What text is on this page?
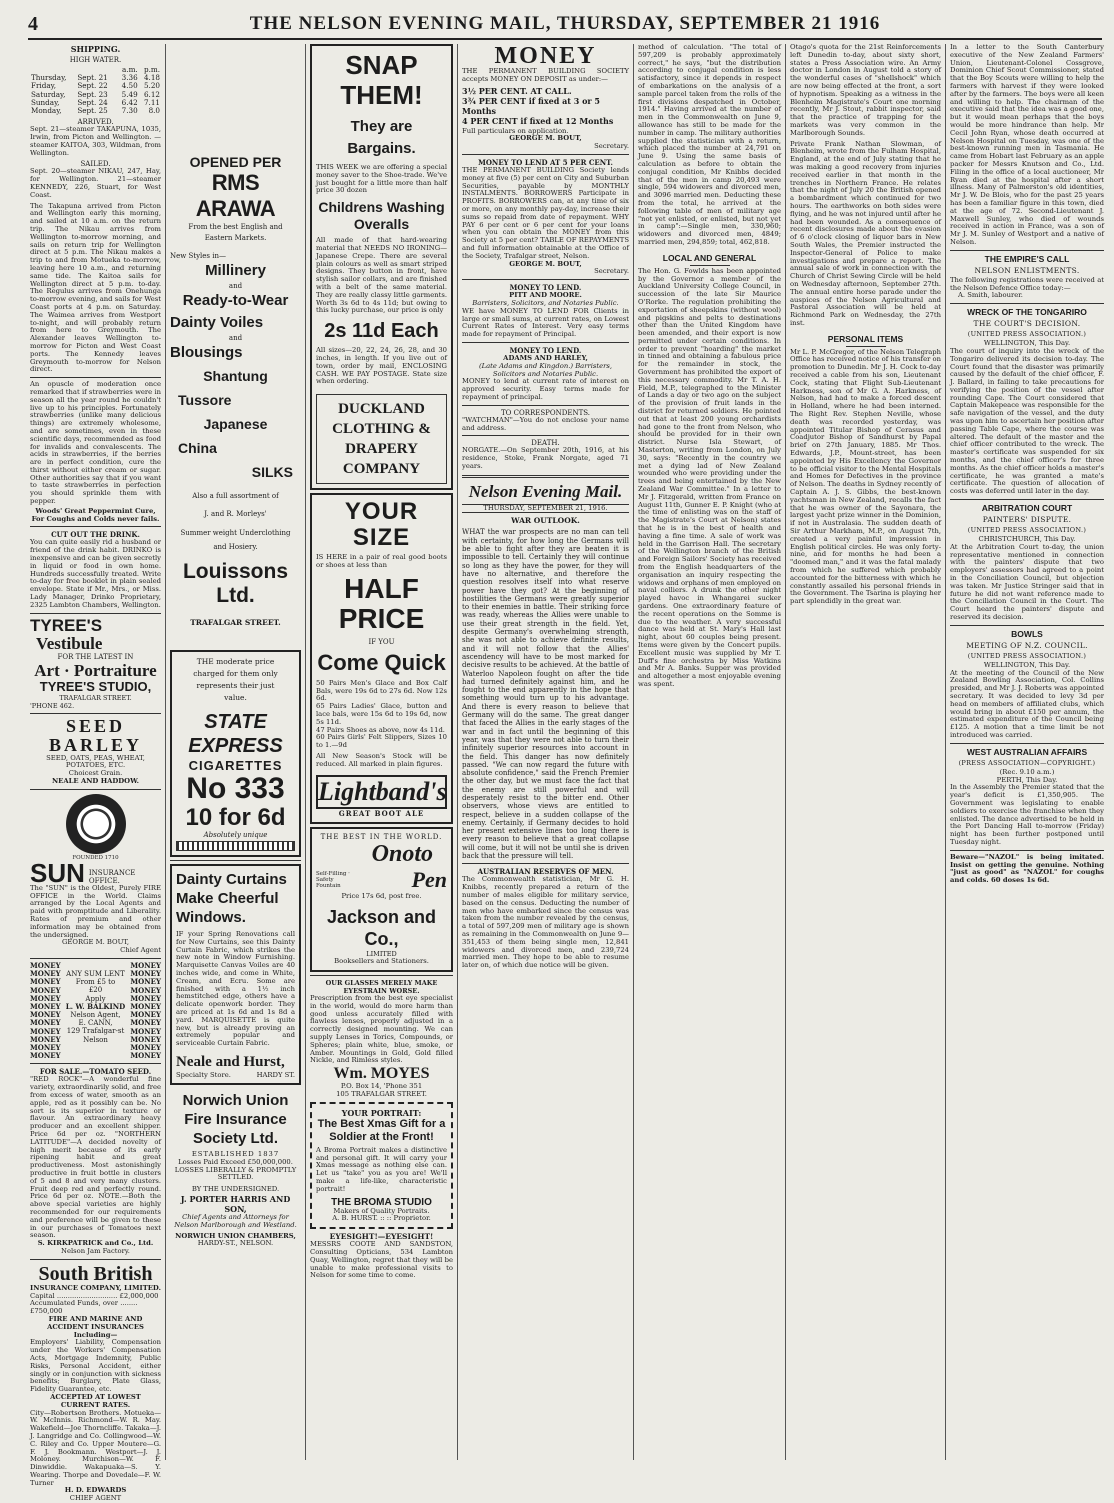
4	THE NELSON EVENING MAIL, THURSDAY, SEPTEMBER 21 1916
SHIPPING.
HIGH WATER.
		a.m.	p.m.
Thursday,	Sept. 21	3.36	4.18
Friday,	Sept. 22	4.50	5.20
Saturday,	Sept. 23	5.49	6.12
Sunday,	Sept. 24	6.42	7.11
Monday,	Sept. 25	7.30	8.0
ARRIVED.
Sept. 21—steamer TAKAPUNA, 1035, Irwin, from Picton and Wellington. —steamer KAITOA, 303, Wildman, from Wellington.
SAILED.
Sept. 20—steamer NIKAU, 247, Hay, for Wellington. 21—steamer KENNEDY, 226, Stuart, for West Coast.
The Takapuna arrived from Picton and Wellington early this morning, and sailed at 10 a.m. on the return trip. The Nikau arrives from Wellington to-morrow morning, and sails on return trip for Wellington direct at 5 p.m. The Nikau makes a trip to and from Motueka to-morrow, leaving here 10 a.m., and returning same tide. The Kaitoa sails for Wellington direct at 5 p.m. to-day. The Regulus arrives from Onehunga to-morrow evening, and sails for West Coast ports at 4 p.m. on Saturday. The Waimea arrives from Westport to-night, and will probably return from here to Greymouth. The Alexander leaves Wellington to-morrow for Picton and West Coast ports. The Kennedy leaves Greymouth to-morrow for Nelson direct.
An opuscle of moderation once remarked that if strawberries were in season all the year round he couldn't live up to his principles. Fortunately strawberries (unlike many delicious things) are extremely wholesome, and are sometimes, even in these scientific days, recommended as food for invalids and convalescents. The acids in strawberries, if the berries are in perfect condition, cure the thirst without either cream or sugar. Other authorities say that if you want to taste strawberries in perfection you should sprinkle them with pepper.
Woods' Great Peppermint Cure, For Coughs and Colds never fails.
CUT OUT THE DRINK.
You can quite easily rid a husband or friend of the drink habit. DRINKO is inexpensive and can be given secretly in liquid or food in own home. Hundreds successfully treated. Write to-day for free booklet in plain sealed envelope. State if Mr., Mrs., or Miss. Lady Manager, Drinko Proprietary, 2325 Lambton Chambers, Wellington.
TYREE'S
Vestibule
FOR THE LATEST IN
Art · Portraiture
TYREE'S STUDIO,
TRAFALGAR STREET.
'PHONE 462.
SEED
BARLEY
SEED, OATS, PEAS, WHEAT, POTATOES, ETC.
Choicest Grain.
NEALE AND HADDOW.
FOUNDED 1710
SUN INSURANCE OFFICE.
The "SUN" is the Oldest, Purely FIRE OFFICE in the World. Claims arranged by the Local Agents and paid with promptitude and Liberality. Rates of premium and other information may be obtained from the undersigned.
GEORGE M. BOUT,
Chief Agent
MONEY
MONEY
MONEY
MONEY
MONEY
MONEY
MONEY
MONEY
MONEY
MONEY
MONEY
MONEY
ANY SUM LENT
From £5 to
£20
Apply
L. W. BALKIND
Nelson Agent,
E. CANN,
129 Trafalgar-st
Nelson
MONEY
MONEY
MONEY
MONEY
MONEY
MONEY
MONEY
MONEY
MONEY
MONEY
MONEY
MONEY
FOR SALE.—TOMATO SEED.
"RED ROCK"—A wonderful fine variety, extraordinarily solid, and free from excess of water, smooth as an apple, red as it possibly can be. No sort is its superior in texture or flavour. An extraordinary heavy producer and an excellent shipper. Price 6d per oz. "NORTHERN LATITUDE"—A decided novelty of high merit because of its early ripening habit and great productiveness. Most astonishingly productive in fruit bottle in clusters of 5 and 8 and very many clusters. Fruit deep red and perfectly round. Price 6d per oz. NOTE.—Both the above special varieties are highly recommended for our requirements and preference will be given to these in our purchases of Tomatoes next season.
S. KIRKPATRICK and Co., Ltd.
Nelson Jam Factory.
South British
INSURANCE COMPANY, LIMITED.
Capital ............................ £2,000,000
Accumulated Funds, over ........ £750,000
FIRE AND MARINE AND ACCIDENT INSURANCES Including—
Employers' Liability, Compensation under the Workers' Compensation Acts, Mortgage Indemnity, Public Risks, Personal Accident, either singly or in conjunction with sickness benefits; Burglary, Plate Glass, Fidelity Guarantee, etc.
ACCEPTED AT LOWEST CURRENT RATES.
City—Robertson Brothers. Motueka—W. McInnis. Richmond—W. R. May. Wakefield—Joe Thorncliffe. Takaka—J. J. Langridge and Co. Collingwood—W. C. Riley and Co. Upper Moutere—G. F. J. Bookmann. Westport—J. J. Moloney. Murchison—W. F. Dinwiddie. Wakapuaka—S. Y. Wearing. Thorpe and Dovedale—F. W. Turner
H. D. EDWARDS
CHIEF AGENT
OPENED PER
RMS ARAWA
From the best English and Eastern Markets.
New Styles in—
Millinery
and
Ready-to-Wear
Dainty Voiles
and
Blousings
Shantung
Tussore
Japanese
China
SILKS
Also a full assortment of
J. and R. Morleys'
Summer weight Underclothing and Hosiery.
Louissons
Ltd.
TRAFALGAR STREET.
THE moderate price charged for them only represents their just value.
STATE EXPRESS
CIGARETTES
No 333
10 for 6d
Absolutely unique
Dainty Curtains Make Cheerful Windows.
IF your Spring Renovations call for New Curtains, see this Dainty Curtain Fabric, which strikes the new note in Window Furnishing. Marquisette Canvas Voiles are 40 inches wide, and come in White, Cream, and Ecru. Some are finished with a 1½ inch hemstitched edge, others have a delicate openwork border. They are priced at 1s 6d and 1s 8d a yard. MARQUISETTE is quite new, but is already proving an extremely popular and serviceable Curtain Fabric.
Neale and Hurst,
Specialty Store.	HARDY ST.
Norwich Union Fire Insurance Society Ltd.
ESTABLISHED 1837
Losses Paid Exceed £50,000,000.
LOSSES LIBERALLY & PROMPTLY SETTLED.
BY THE UNDERSIGNED.
J. PORTER HARRIS AND SON,
Chief Agents and Attorneys for Nelson Marlborough and Westland.
NORWICH UNION CHAMBERS,
HARDY-ST., NELSON.
SNAP THEM!
They are Bargains.
THIS WEEK we are offering a special money saver to the Shoe-trade. We've just bought for a little more than half price 30 dozen
Childrens Washing Overalls
All made of that hard-wearing material that NEEDS NO IRONING—Japanese Crepe. There are several plain colours as well as smart striped designs. They button in front, have stylish sailor collars, and are finished with a belt of the same material. They are really classy little garments. Worth 3s 6d to 4s 11d; but owing to this lucky purchase, our price is only
2s 11d Each
All sizes—20, 22, 24, 26, 28, and 30 inches, in length. If you live out of town, order by mail, ENCLOSING CASH. WE PAY POSTAGE. State size when ordering.
DUCKLAND CLOTHING & DRAPERY COMPANY
YOUR SIZE
IS HERE in a pair of real good boots or shoes at less than
HALF
PRICE
IF YOU
Come Quick
50 Pairs Men's Glace and Box Calf Bals, were 19s 6d to 27s 6d. Now 12s 6d.
65 Pairs Ladies' Glace, button and lace bals, were 15s 6d to 19s 6d, now 5s 11d.
47 Pairs Shoes as above, now 4s 11d.
60 Pairs Girls' Felt Slippers, Sizes 10 to 1.—9d
All New Season's Stock will be reduced. All marked in plain figures.
Lightband's
GREAT BOOT ALE
THE BEST IN THE WORLD.
Onoto
Self-Filling · Safety Fountain	Pen
Price 17s 6d, post free.
Jackson and Co.,
LIMITED
Booksellers and Stationers.
OUR GLASSES MERELY MAKE EYESTRAIN WORSE.
Prescription from the best eye specialist in the world, would do more harm than good unless accurately filled with flawless lenses, properly adjusted in a correctly designed mounting. We can supply Lenses in Torics, Compounds, or Spheres; plain white, blue, smoke, or Amber. Mountings in Gold, Gold filled Nickle, and Rimless styles.
Wm. MOYES
P.O. Box 14, 'Phone 351
105 TRAFALGAR STREET.
YOUR PORTRAIT:
The Best Xmas Gift for a Soldier at the Front!
A Broma Portrait makes a distinctive and personal gift. It will carry your Xmas message as nothing else can. Let us "take" you as you are! We'll make a life-like, characteristic portrait!
THE BROMA STUDIO
Makers of Quality Portraits.
A. B. HURST. :: :: Proprietor.
EYESIGHT!—EYESIGHT!
MESSRS COOTE AND SANDSTON, Consulting Opticians, 534 Lambton Quay, Wellington, regret that they will be unable to make professional visits to Nelson for some time to come.
MONEY
THE PERMANENT BUILDING SOCIETY accepts MONEY ON DEPOSIT as under:—
3½ PER CENT. AT CALL.
3¾ PER CENT if fixed at 3 or 5 Months
4 PER CENT if fixed at 12 Months
Full particulars on application.
GEORGE M. BOUT,
Secretary.
MONEY TO LEND AT 5 PER CENT.
THE PERMANENT BUILDING Society lends money at five (5) per cent on City and Suburban Securities, payable by MONTHLY INSTALMENTS. BORROWERS Participate in PROFITS. BORROWERS can, at any time of six or more, on any monthly pay-day, increase their sums so repaid from date of repayment. WHY PAY 6 per cent or 6 per cent for your loans when you can obtain the MONEY from this Society at 5 per cent? TABLE OF REPAYMENTS and full information obtainable at the Office of the Society, Trafalgar street, Nelson.
GEORGE M. BOUT,
Secretary.
MONEY TO LEND.
PITT AND MOORE.
Barristers, Solicitors, and Notaries Public.
WE have MONEY TO LEND FOR Clients in large or small sums, at current rates, on Lowest Current Rates of Interest. Very easy terms made for repayment of Principal.
MONEY TO LEND.
ADAMS AND HARLEY,
(Late Adams and Kingdon.) Barristers, Solicitors and Notaries Public.
MONEY to lend at current rate of interest on approved security. Easy terms made for repayment of principal.
TO CORRESPONDENTS.
"WATCHMAN"—You do not enclose your name and address.
DEATH.
NORGATE.—On September 20th, 1916, at his residence, Stoke, Frank Norgate, aged 71 years.
Nelson Evening Mail.
THURSDAY, SEPTEMBER 21, 1916.
WAR OUTLOOK.
WHAT the war prospects are no man can tell with certainty, for how long the Germans will be able to fight after they are beaten it is impossible to tell. Certainly they will continue so long as they have the power, for they will have no alternative, and therefore the question resolves itself into what reserve power have they got? At the beginning of hostilities the Germans were greatly superior to their enemies in battle. Their striking force was ready, whereas the Allies were unable to use their great strength in the field. Yet, despite Germany's overwhelming strength, she was not able to achieve definite results, and it will not follow that the Allies' ascendency will have to be most marked for decisive results to be achieved. At the battle of Waterloo Napoleon fought on after the tide had turned definitely against him, and he fought to the end apparently in the hope that something would turn up to his advantage. And there is every reason to believe that Germany will do the same. The great danger that faced the Allies in the early stages of the war and in fact until the beginning of this year, was that they were not able to turn their infinitely superior resources into account in the field. This danger has now definitely passed. "We can now regard the future with absolute confidence," said the French Premier the other day, but we must face the fact that the enemy are still powerful and will desperately resist to the bitter end. Other observers, whose views are entitled to respect, believe in a sudden collapse of the enemy. Certainly, if Germany decides to hold her present extensive lines too long there is every reason to believe that a great collapse will come, but it will not be until she is driven back that the pressure will tell.
AUSTRALIAN RESERVES OF MEN.
The Commonwealth statistician, Mr G. H. Knibbs, recently prepared a return of the number of males eligible for military service, based on the census. Deducting the number of men who have embarked since the census was taken from the number revealed by the census, a total of 597,209 men of military age is shown as remaining in the Commonwealth on June 9—351,453 of them being single men, 12,841 widowers and divorced men, and 239,724 married men. They hope to be able to resume later on, of which due notice will be given.
method of calculation. "The total of 597,209 is probably approximately correct," he says, "but the distribution according to conjugal condition is less satisfactory, since it depends in respect of embarkations on the analysis of a sample parcel taken from the rolls of the first divisions despatched in October, 1914." Having arrived at the number of men in the Commonwealth on June 9, allowance has still to be made for the number in camp. The military authorities supplied the statistician with a return, which placed the number at 24,791 on June 9. Using the same basis of calculation as before to obtain the conjugal condition, Mr Knibbs decided that of the men in camp 20,493 were single, 594 widowers and divorced men, and 3096 married men. Deducting these from the total, he arrived at the following table of men of military age "not yet enlisted, or enlisted, but not yet in camp":—Single men, 330,960; widowers and divorced men, 4849; married men, 294,859; total, 462,818.
LOCAL AND GENERAL
The Hon. G. Fowlds has been appointed by the Governor a member of the Auckland University College Council, in succession of the late Sir Maurice O'Rorke. The regulation prohibiting the exportation of sheepskins (without wool) and pigskins and pelts to destinations other than the United Kingdom have been amended, and their export is now permitted under certain conditions. In order to prevent "hoarding" the market in tinned and obtaining a fabulous price for the remainder in stock, the Government has prohibited the export of this necessary commodity. Mr T. A. H. Field, M.P., telegraphed to the Minister of Lands a day or two ago on the subject of the provision of fruit lands in the district for returned soldiers. He pointed out that at least 200 young orchardists had gone to the front from Nelson, who should be provided for in their own district. Nurse Isla Stewart, of Masterton, writing from London, on July 30, says: "Recently in the country we met a dying lad of New Zealand wounded who were providing under the trees and being entertained by the New Zealand War Committee." In a letter to Mr J. Fitzgerald, written from France on August 11th, Gunner E. P. Knight (who at the time of enlisting was on the staff of the Magistrate's Court at Nelson) states that he is in the best of health and having a fine time. A sale of work was held in the Garrison Hall. The secretary of the Wellington branch of the British and Foreign Sailors' Society has received from the English headquarters of the organisation an inquiry respecting the widows and orphans of men employed on naval colliers. A drunk the other night played havoc in Whangarei sucker gardens. One extraordinary feature of the recent operations on the Somme is due to the weather. A very successful dance was held at St. Mary's Hall last night, about 60 couples being present. Items were given by the Concert pupils. Excellent music was supplied by Mr T. Duff's fine orchestra by Miss Watkins and Mr A. Banks. Supper was provided and altogether a most enjoyable evening was spent.
Otago's quota for the 21st Reinforcements left Dunedin to-day, about sixty short, states a Press Association wire. An Army doctor in London in August told a story of the wonderful cases of "shellshock" which are now being effected at the front, a sort of hypnotism. Speaking as a witness in the Blenheim Magistrate's Court one morning recently, Mr J. Stout, rabbit inspector, said that the practice of trapping for the markets was very common in the Marlborough Sounds.
Private Frank Nathan Slowman, of Blenheim, wrote from the Fulham Hospital, England, at the end of July stating that he was making a good recovery from injuries received earlier in that month in the trenches in Northern France. He relates that the night of July 20 the British opened a bombardment which continued for two hours. The earthworks on both sides were flying, and he was not injured until after he had been wounded. As a consequence of recent disclosures made about the evasion of 6 o'clock closing of liquor bars in New South Wales, the Premier instructed the Inspector-General of Police to make investigations and prepare a report. The annual sale of work in connection with the Church of Christ Sewing Circle will be held on Wednesday afternoon, September 27th. The annual entire horse parade under the auspices of the Nelson Agricultural and Pastoral Association will be held at Richmond Park on Wednesday, the 27th inst.
PERSONAL ITEMS
Mr L. P. McGregor, of the Nelson Telegraph Office has received notice of his transfer on promotion to Dunedin. Mr J. H. Cock to-day received a cable from his son, Lieutenant Cock, stating that Flight Sub-Lieutenant Harkness, son of Mr G. A. Harkness, of Nelson, had had to make a forced descent in Holland, where he had been interned. The Right Rev. Stephen Neville, whose death was recorded yesterday, was appointed Titular Bishop of Cerasus and Coadjutor Bishop of Sandhurst by Papal brief on 27th January, 1885. Mr Thos. Edwards, J.P., Mount-street, has been appointed by His Excellency the Governor to be official visitor to the Mental Hospitals and Homes for Defectives in the province of Nelson. The deaths in Sydney recently of Captain A. J. S. Gibbs, the best-known yachtsman in New Zealand, recalls the fact that he was owner of the Sayonara, the largest yacht prize winner in the Dominion, if not in Australasia. The sudden death of Sir Arthur Markham, M.P., on August 7th, created a very painful impression in English political circles. He was only forty-nine, and for months he had been a "doomed man," and it was the fatal malady from which he suffered which probably accounted for the bitterness with which he constantly assailed his personal friends in the Government. The Tsarina is playing her part splendidly in the great war.
In a letter to the South Canterbury executive of the New Zealand Farmers' Union, Lieutenant-Colonel Cossgrove, Dominion Chief Scout Commissioner, stated that the Boy Scouts were willing to help the farmers with harvest if they were looked after by the farmers. The boys were all keen and willing to help. The chairman of the executive said that the idea was a good one, but it would mean perhaps that the boys would be more hindrance than help. Mr Cecil John Ryan, whose death occurred at Nelson Hospital on Tuesday, was one of the best-known running men in Tasmania. He came from Hobart last February as an apple packer for Messrs Knutson and Co., Ltd. Filing in the office of a local auctioneer, Mr Ryan died at the hospital after a short illness. Many of Palmerston's old identities, Mr J. W. De Blois, who for the past 25 years has been a familiar figure in this town, died at the age of 72. Second-Lieutenant J. Maxwell Sunley, who died of wounds received in action in France, was a son of Mr J. M. Sunley of Westport and a native of Nelson.
THE EMPIRE'S CALL
NELSON ENLISTMENTS.
The following registrations were received at the Nelson Defence Office today:—
A. Smith, labourer.
WRECK OF THE TONGARIRO
THE COURT'S DECISION.
(UNITED PRESS ASSOCIATION.)
WELLINGTON, This Day.
The court of inquiry into the wreck of the Tongariro delivered its decision to-day. The Court found that the disaster was primarily caused by the default of the chief officer, F. J. Ballard, in failing to take precautions for verifying the position of the vessel after rounding Cape. The Court considered that Captain Makepeace was responsible for the safe navigation of the vessel, and the duty was upon him to ascertain her position after passing Table Cape, where the course was altered. The default of the master and the chief officer contributed to the wreck. The master's certificate was suspended for six months, and the chief officer's for three months. As the chief officer holds a master's certificate, he was granted a mate's certificate. The question of allocation of costs was deferred until later in the day.
ARBITRATION COURT
PAINTERS' DISPUTE.
(UNITED PRESS ASSOCIATION.)
CHRISTCHURCH, This Day.
At the Arbitration Court to-day, the union representative mentioned in connection with the painters' dispute that two employers' assessors had agreed to a point in the Conciliation Council, but objection was taken. Mr Justice Stringer said that in future he did not want reference made to the Conciliation Council in the Court. The Court heard the painters' dispute and reserved its decision.
BOWLS
MEETING OF N.Z. COUNCIL.
(UNITED PRESS ASSOCIATION.)
WELLINGTON, This Day.
At the meeting of the Council of the New Zealand Bowling Association, Col. Collins presided, and Mr J. J. Roberts was appointed secretary. It was decided to levy 3d per head on members of affiliated clubs, which would bring in about £150 per annum, the estimated expenditure of the Council being £125. A motion that a time limit be not introduced was carried.
WEST AUSTRALIAN AFFAIRS
(PRESS ASSOCIATION—COPYRIGHT.)
(Rec. 9.10 a.m.)
PERTH, This Day.
In the Assembly the Premier stated that the year's deficit is £1,350,905. The Government was legislating to enable soldiers to exercise the franchise when they enlisted. The dance advertised to be held in the Port Dancing Hall to-morrow (Friday) night has been further postponed until Tuesday night.
Beware—"NAZOL" is being imitated. Insist on getting the genuine. Nothing "just as good" as "NAZOL" for coughs and colds. 60 doses 1s 6d.
